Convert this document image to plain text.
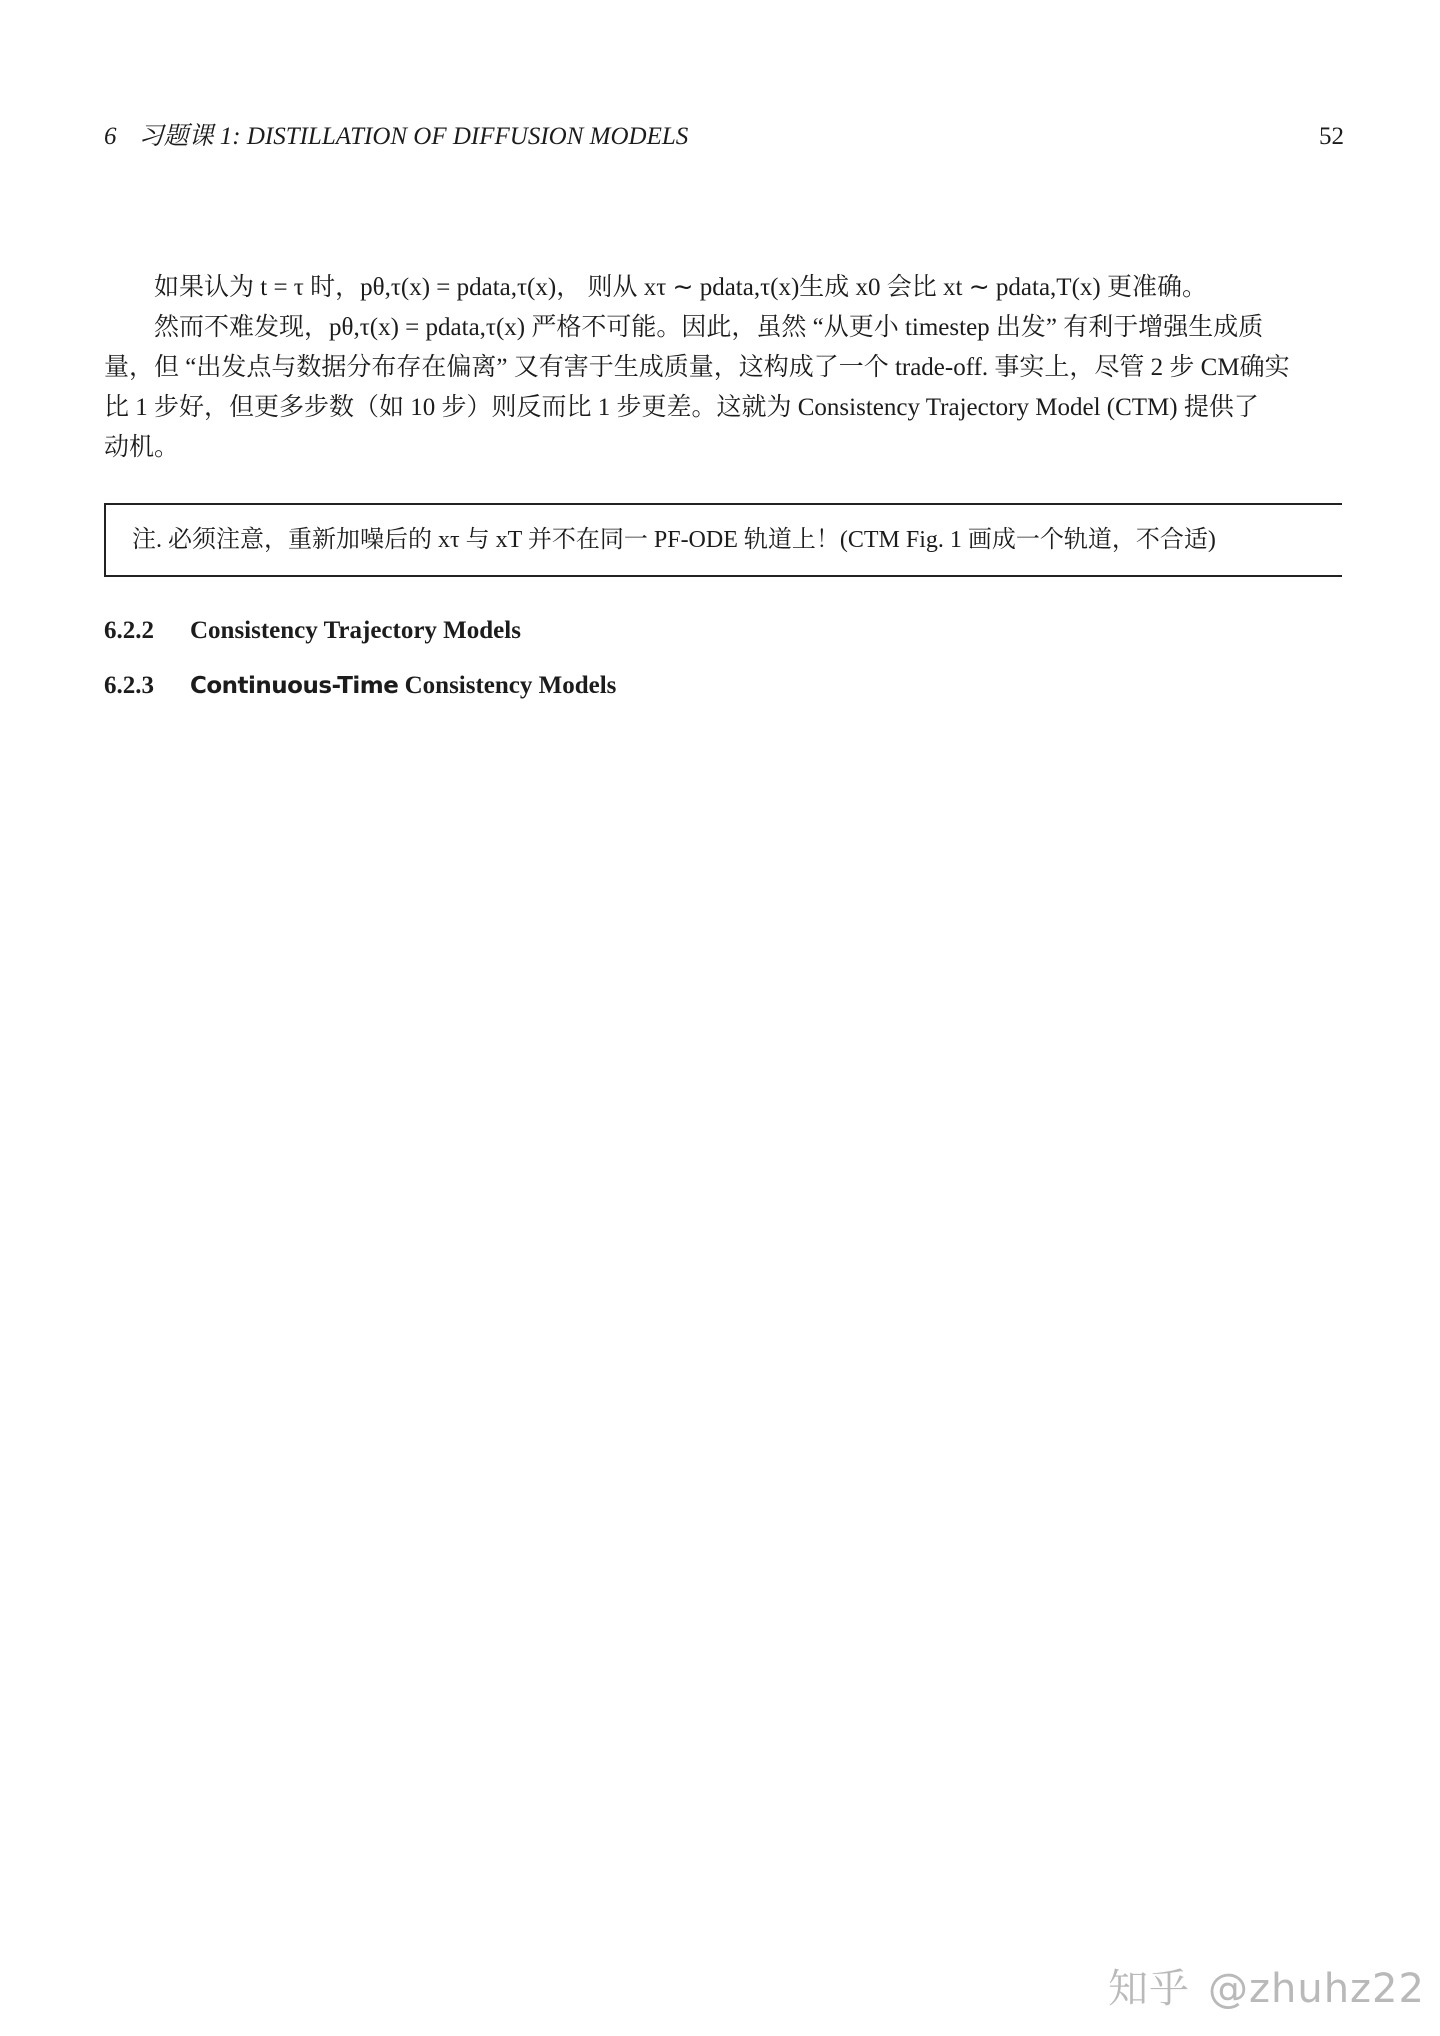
6 习题课 1: DISTILLATION OF DIFFUSION MODELS	52
如果认为 t = τ 时，pθ,τ(x) = pdata,τ(x)， 则从 xτ ∼ pdata,τ(x)生成 x0 会比 xt ∼ pdata,T(x) 更准确。
然而不难发现，pθ,τ(x) = pdata,τ(x) 严格不可能。因此，虽然 “从更小 timestep 出发” 有利于增强生成质
量，但 “出发点与数据分布存在偏离” 又有害于生成质量，这构成了一个 trade-off. 事实上，尽管 2 步 CM确实
比 1 步好，但更多步数（如 10 步）则反而比 1 步更差。这就为 Consistency Trajectory Model (CTM) 提供了
动机。
注. 必须注意，重新加噪后的 xτ 与 xT 并不在同一 PF-ODE 轨道上！(CTM Fig. 1 画成一个轨道，不合适)
6.2.2 Consistency Trajectory Models
6.2.3 Continuous-Time Consistency Models
知乎 @zhuhz22
